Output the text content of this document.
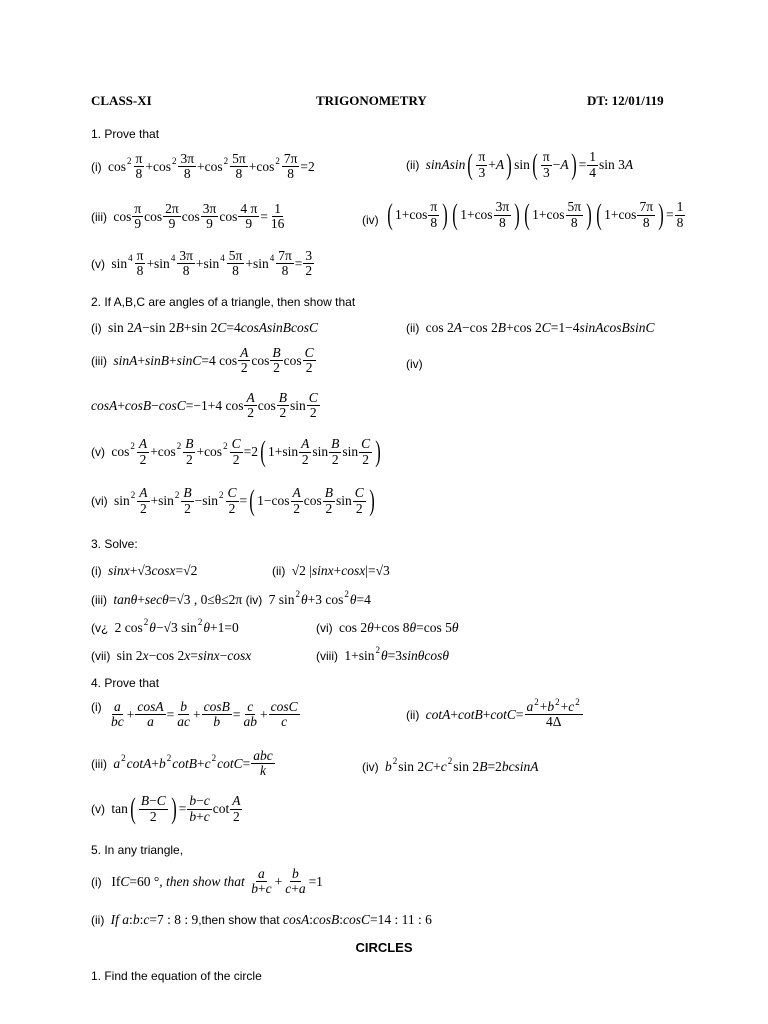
CLASS-XI	TRIGONOMETRY	DT: 12/01/119
1. Prove that
(i) $\cos 2 \frac{\pi}{8} +\cos$ $2 \frac{3\pi}{8} +\cos$ $2 \frac{5\pi}{8} +\cos$ $2 \frac{7\pi}{8} =2$	(ii) sinAsin ( $\frac{\pi}{3} + A$ ) sin ( $\frac{\pi}{3} - A$ ) = $\frac{1}{4}$ sin 3 A
(iii) $\cos \frac{\pi}{9}$ $\cos \frac{2\pi}{9}$ $\cos \frac{3\pi}{9}$ $\cos \frac{4 \pi}{9} = \frac{1}{16}$	(iv) ( $1+\cos \frac{\pi}{8}$ ) ( $1+\cos \frac{3\pi}{8}$ ) ( $1+\cos \frac{5\pi}{8}$ ) ( $1+\cos \frac{7\pi}{8}$ ) = $\frac{1}{8}$
(v) $\sin 4 \frac{\pi}{8} +\sin$ $4 \frac{3\pi}{8} +\sin$ $4 \frac{5\pi}{8} +\sin$ $4 \frac{7\pi}{8} = \frac{3}{2}$
2. If A,B,C are angles of a triangle, then show that
(i) sin 2 A −sin 2 B +sin 2 C =4 cosAsinBcosC	(ii) cos 2 A −cos 2 B +cos 2 C =1−4 sinAcosBsinC
(iii) sinA + sinB + sinC =4 $\cos \frac{A}{2}$ $\cos \frac{B}{2}$ $\cos \frac{C}{2}$	(iv)
cosA + cosB − cosC =−1+4 $\cos \frac{A}{2}$ $\cos \frac{B}{2}$ $\sin \frac{C}{2}$
(v) $\cos 2 \frac{A}{2} +\cos$ $2 \frac{B}{2} +\cos$ $2 \frac{C}{2} =2$ ( $1+\sin \frac{A}{2}$ $\sin \frac{B}{2}$ $\sin \frac{C}{2}$ )
(vi) $\sin 2 \frac{A}{2} +\sin$ $2 \frac{B}{2} -\sin$ $2 \frac{C}{2}$ = ( $1-\cos \frac{A}{2}$ $\cos \frac{B}{2}$ $\sin \frac{C}{2}$ )
3. Solve:
(i) sinx +√3 cosx =√2	(ii) √2 | sinx + cosx |=√3
(iii) tanθ + secθ =√3 , 0≤θ≤2π (iv) 7 sin 2 θ +3 cos 2 θ =4
(v¿ 2 cos 2 θ −√3 sin 2 θ +1=0	(vi) cos 2 θ +cos 8 θ =cos 5 θ
(vii) sin 2 x −cos 2 x = sinx − cosx	(viii) 1+sin 2 θ =3 sinθcosθ
4. Prove that
$(i) \frac{a}{bc} + \frac{\cos A}{a} = \frac{b}{ac} + \frac{\cos B}{b} = \frac{c}{ab} + \frac{\cos C}{c}$	(ii) $\cot A + \cot B + \cot C = \frac{a^2+b^2+c^2}{4\Delta}$
(iii) a 2 cotA + b 2 cotB + c 2 $\cot C = \frac{\text{abc}}{k}$	(iv) b 2 sin 2 C + c 2 sin 2 B =2 bcsinA
(v) tan ( $\frac{B-C}{2}$ ) = $\frac{b-c}{b+c}$ $\cot \frac{A}{2}$
5. In any triangle,
(i)  If C =60 ° , then show that
$\frac{a}{b+c} + \frac{b}{c+a} =1$
(ii) If a : b : c =7 : 8 : 9 ,then show that
cosA : cosB : cosC =14 : 11 : 6
CIRCLES
1. Find the equation of the circle
